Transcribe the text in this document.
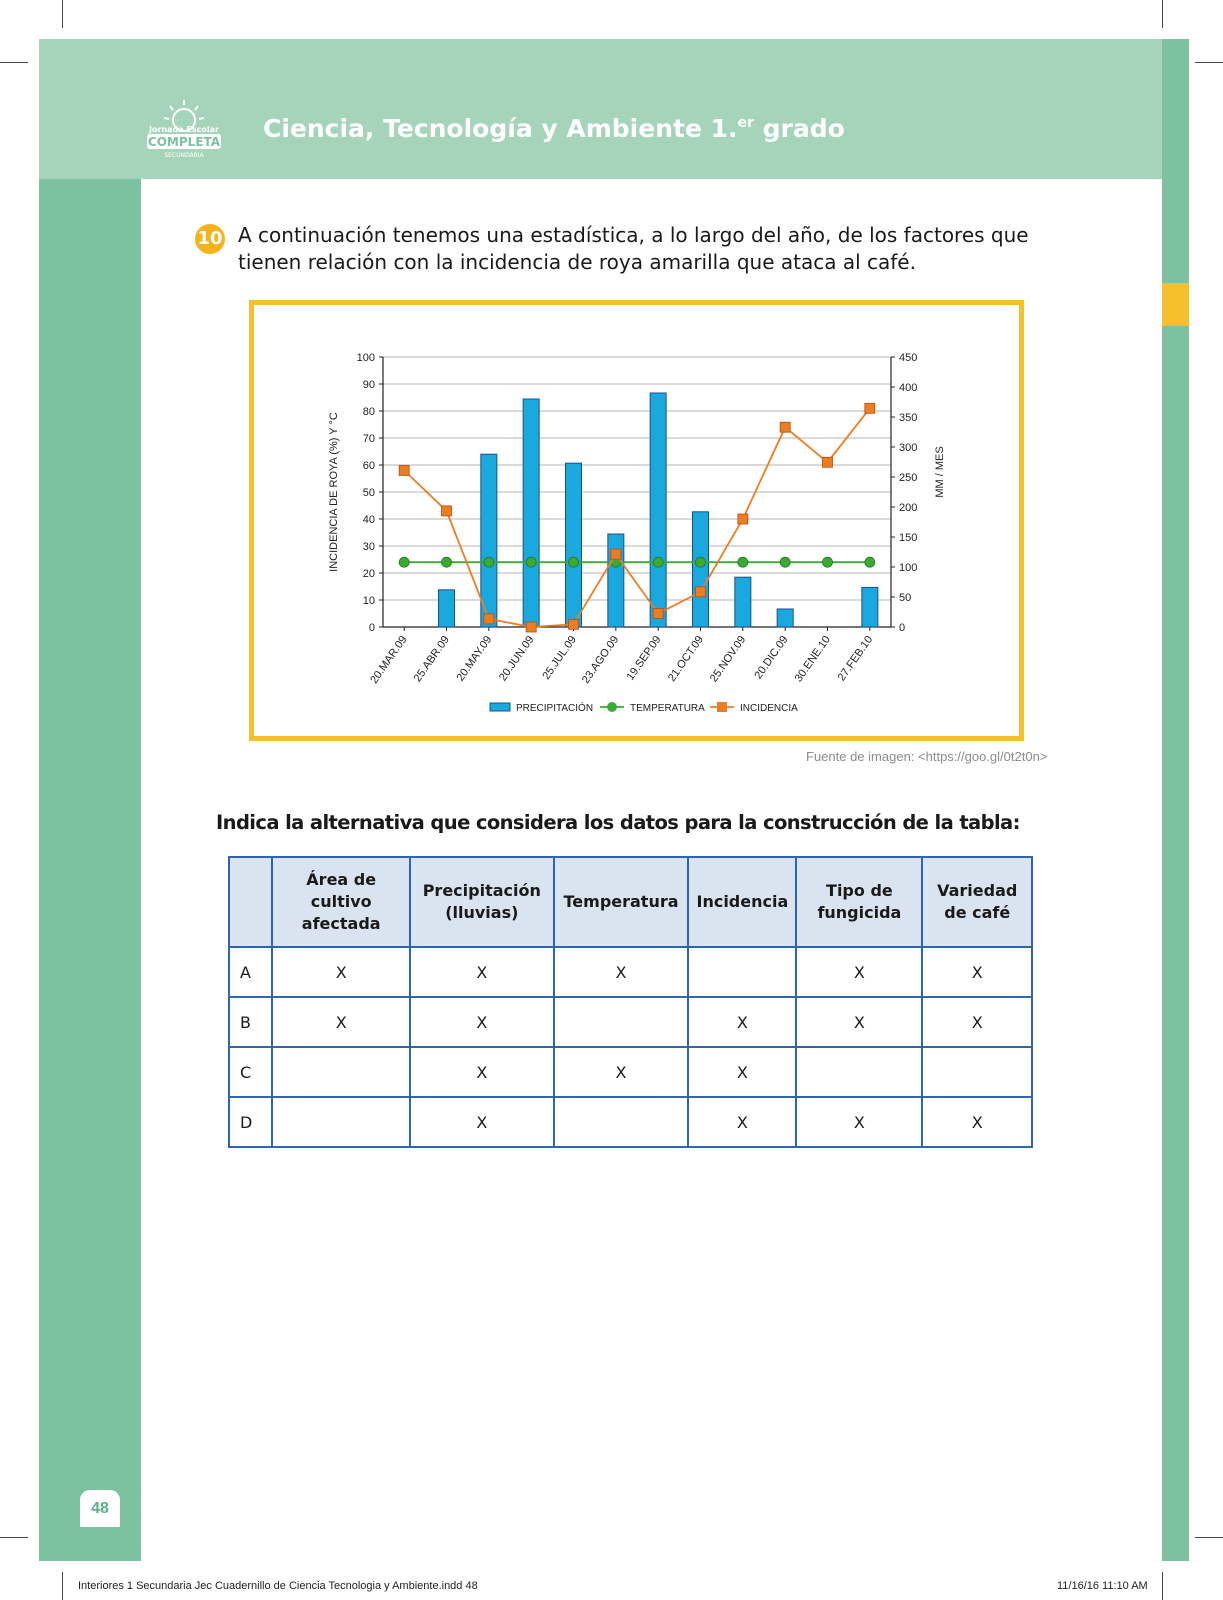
Jornada Escolar
COMPLETA
SECUNDARIA
Ciencia, Tecnología y Ambiente 1.$^{er}$ grado
10 A continuación tenemos una estadística, a lo largo del año, de los factores que tienen relación con la incidencia de roya amarilla que ataca al café.
0
10
20
30
40
50
60
70
80
90
100
0
50
100
150
200
250
300
350
400
450
INCIDENCIA DE ROYA (%) Y °C	MM / MES
20.MAR.09 25.ABR.09 20.MAY.09 20.JUN.09 25.JUL.09 23.AGO.09 19.SEP.09 21.OCT.09 25.NOV.09 20.DIC.09 30.ENE.10 27.FEB.10
PRECIPITACIÓN	TEMPERATURA	INCIDENCIA
Fuente de imagen: <https://goo.gl/0t2t0n>
Indica la alternativa que considera los datos para la construcción de la tabla:
	Área de cultivo afectada	Precipitación (lluvias)	Temperatura	Incidencia	Tipo de fungicida	Variedad de café
A	X	X	X		X	X
B	X	X		X	X	X
C		X	X	X		
D		X		X	X	X
48
Interiores 1 Secundaria Jec Cuadernillo de Ciencia Tecnologia y Ambiente.indd 48	11/16/16 11:10 AM
